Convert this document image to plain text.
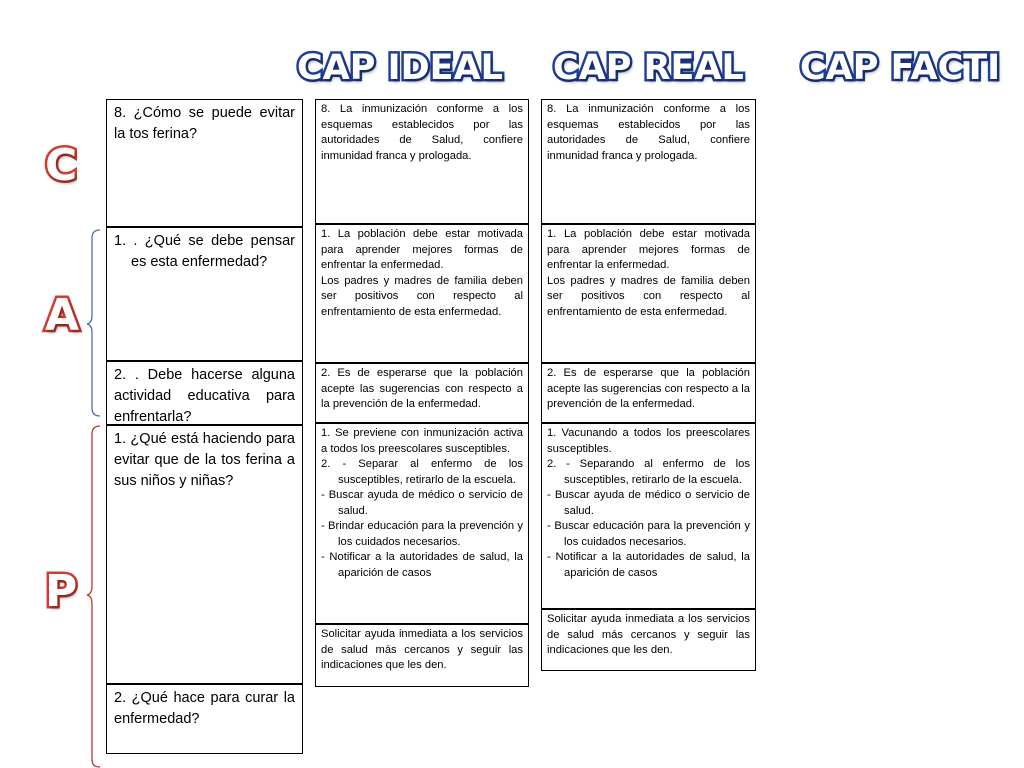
CAP IDEAL CAP REAL CAP FACTI
C
A
P

8. ¿Cómo se puede evitar la tos ferina?

1. . ¿Qué se debe pensar es esta enfermedad?

2. . Debe hacerse alguna actividad educativa para enfrentarla?

1. ¿Qué está haciendo para evitar que de la tos ferina a sus niños y niñas?

2. ¿Qué hace para curar la enfermedad?

8. La inmunización conforme a los esquemas establecidos por las autoridades de Salud, confiere inmunidad franca y prologada.

1. La población debe estar motivada para aprender mejores formas de enfrentar la enfermedad.

Los padres y madres de familia deben ser positivos con respecto al enfrentamiento de esta enfermedad.

2. Es de esperarse que la población acepte las sugerencias con respecto a la prevención de la enfermedad.

1. Se previene con inmunización activa a todos los preescolares susceptibles.

2. - Separar al enfermo de los susceptibles, retirarlo de la escuela.

- Buscar ayuda de médico o servicio de salud.

- Brindar educación para la prevención y los cuidados necesarios.

- Notificar a la autoridades de salud, la aparición de casos

Solicitar ayuda inmediata a los servicios de salud más cercanos y seguir las indicaciones que les den.

8. La inmunización conforme a los esquemas establecidos por las autoridades de Salud, confiere inmunidad franca y prologada.

1. La población debe estar motivada para aprender mejores formas de enfrentar la enfermedad.

Los padres y madres de familia deben ser positivos con respecto al enfrentamiento de esta enfermedad.

2. Es de esperarse que la población acepte las sugerencias con respecto a la prevención de la enfermedad.

1. Vacunando a todos los preescolares susceptibles.

2. - Separando al enfermo de los susceptibles, retirarlo de la escuela.

- Buscar ayuda de médico o servicio de salud.

- Buscar educación para la prevención y los cuidados necesarios.

- Notificar a la autoridades de salud, la aparición de casos

Solicitar ayuda inmediata a los servicios de salud más cercanos y seguir las indicaciones que les den.
